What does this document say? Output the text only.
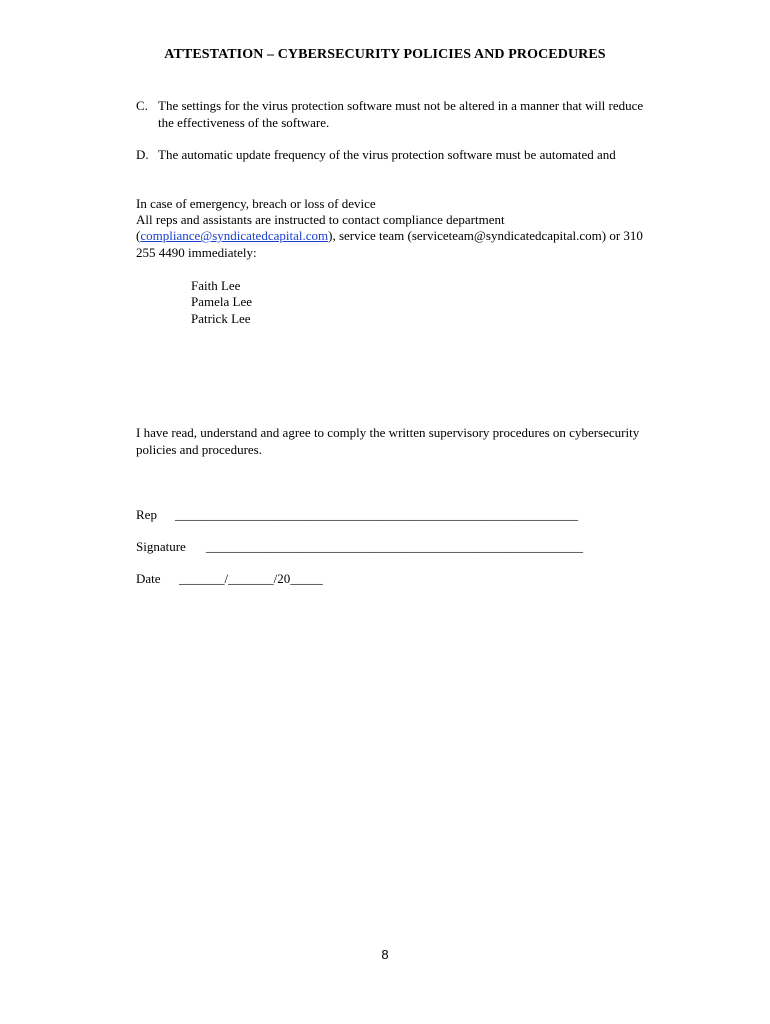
ATTESTATION – CYBERSECURITY POLICIES AND PROCEDURES
C. The settings for the virus protection software must not be altered in a manner that will reduce
the effectiveness of the software.
D. The automatic update frequency of the virus protection software must be automated and
In case of emergency, breach or loss of device
All reps and assistants are instructed to contact compliance department
(compliance@syndicatedcapital.com), service team (serviceteam@syndicatedcapital.com) or 310
255 4490 immediately:
Faith Lee
Pamela Lee
Patrick Lee
I have read, understand and agree to comply the written supervisory procedures on cybersecurity
policies and procedures.
Rep ______________________________________________________________
Signature __________________________________________________________
Date _______/_______/20_____
8
